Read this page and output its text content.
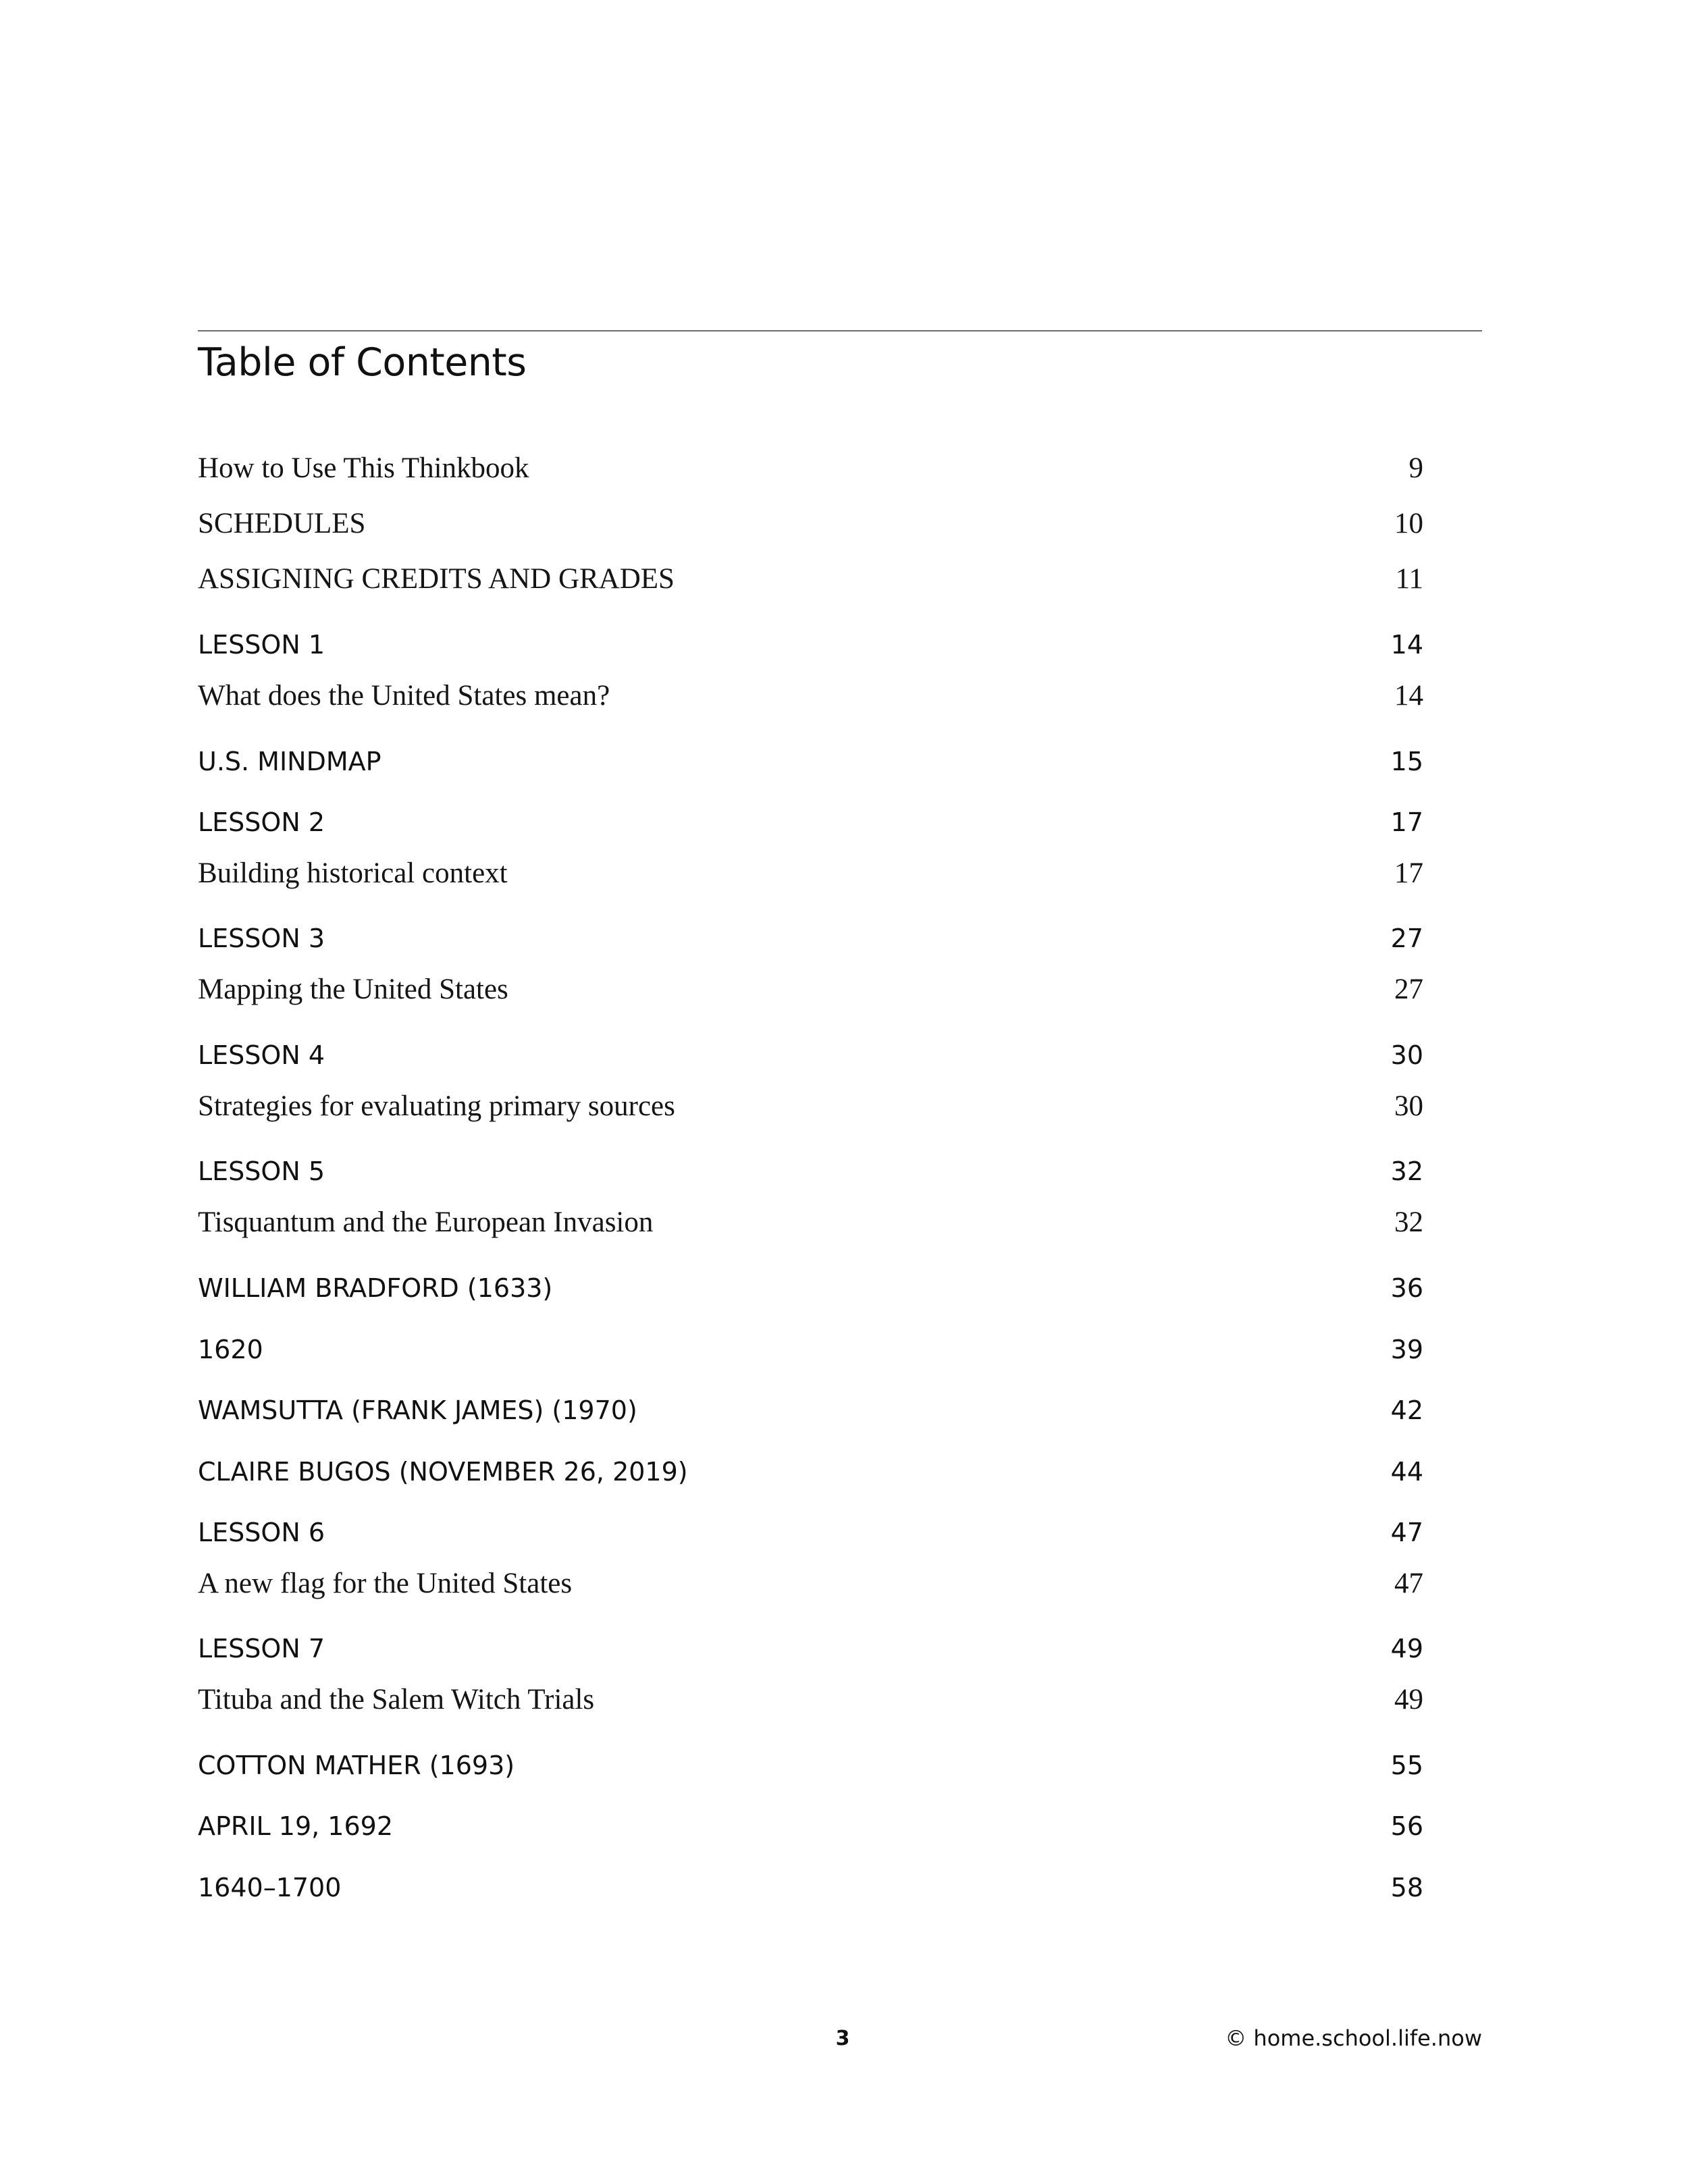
Table of Contents
How to Use This Thinkbook	9
SCHEDULES	10
ASSIGNING CREDITS AND GRADES	11
LESSON 1	14
What does the United States mean?	14
U.S. MINDMAP	15
LESSON 2	17
Building historical context	17
LESSON 3	27
Mapping the United States	27
LESSON 4	30
Strategies for evaluating primary sources	30
LESSON 5	32
Tisquantum and the European Invasion	32
WILLIAM BRADFORD (1633)	36
1620	39
WAMSUTTA (FRANK JAMES) (1970)	42
CLAIRE BUGOS (NOVEMBER 26, 2019)	44
LESSON 6	47
A new flag for the United States	47
LESSON 7	49
Tituba and the Salem Witch Trials	49
COTTON MATHER (1693)	55
APRIL 19, 1692	56
1640–1700	58
3	© home.school.life.now
